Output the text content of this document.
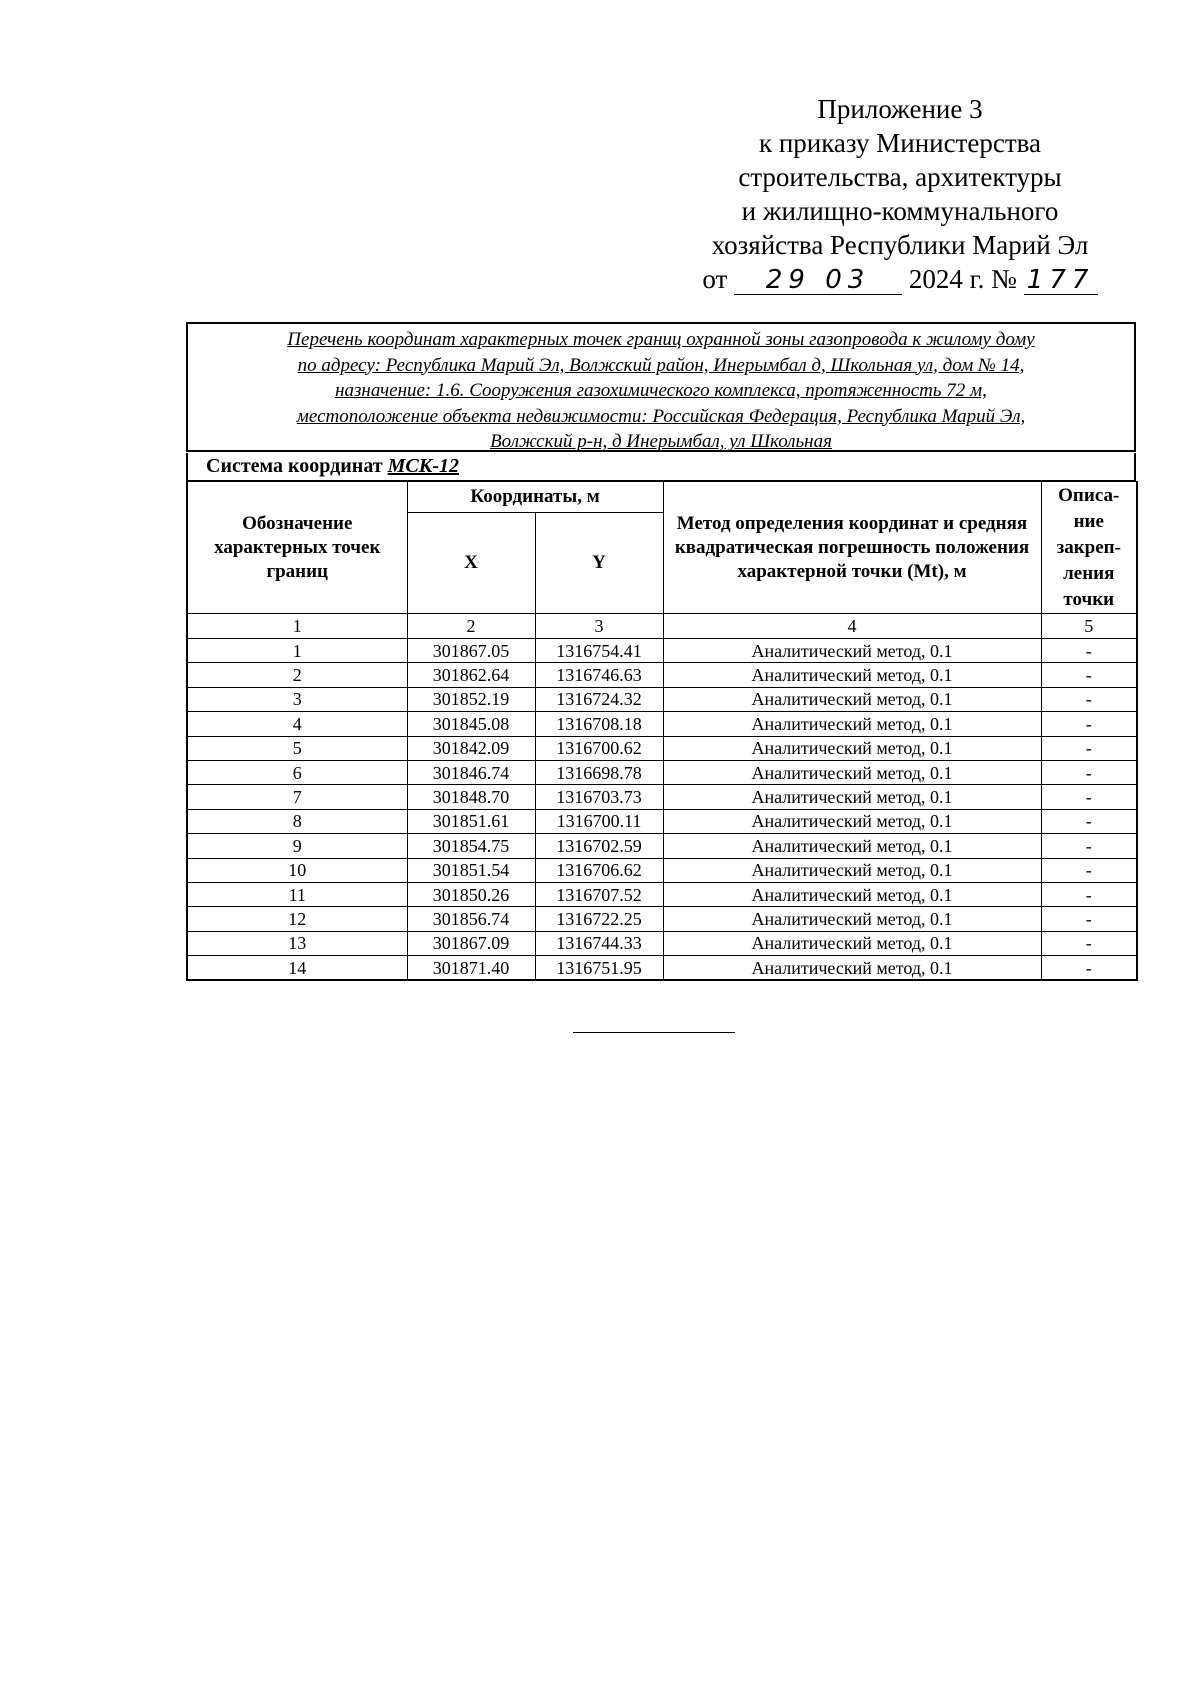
Приложение 3
к приказу Министерства
строительства, архитектуры
и жилищно-коммунального
хозяйства Республики Марий Эл
от 29 03 2024 г. № 177
Перечень координат характерных точек границ охранной зоны газопровода к жилому дому
по адресу: Республика Марий Эл, Волжский район, Инерымбал д, Школьная ул, дом № 14,
назначение: 1.6. Сооружения газохимического комплекса, протяженность 72 м,
местоположение объекта недвижимости: Российская Федерация, Республика Марий Эл,
Волжский р-н, д Инерымбал, ул Школьная
Система координат МСК-12
Обозначение характерных точек границ	Координаты, м		Метод определения координат и средняя квадратическая погрешность положения характерной точки (Mt), м	Описа-
ние
закреп-
ления
точки

	X	Y		
1	2	3	4	5
1	301867.05	1316754.41	Аналитический метод, 0.1	-
2	301862.64	1316746.63	Аналитический метод, 0.1	-
3	301852.19	1316724.32	Аналитический метод, 0.1	-
4	301845.08	1316708.18	Аналитический метод, 0.1	-
5	301842.09	1316700.62	Аналитический метод, 0.1	-
6	301846.74	1316698.78	Аналитический метод, 0.1	-
7	301848.70	1316703.73	Аналитический метод, 0.1	-
8	301851.61	1316700.11	Аналитический метод, 0.1	-
9	301854.75	1316702.59	Аналитический метод, 0.1	-
10	301851.54	1316706.62	Аналитический метод, 0.1	-
11	301850.26	1316707.52	Аналитический метод, 0.1	-
12	301856.74	1316722.25	Аналитический метод, 0.1	-
13	301867.09	1316744.33	Аналитический метод, 0.1	-
14	301871.40	1316751.95	Аналитический метод, 0.1	-
